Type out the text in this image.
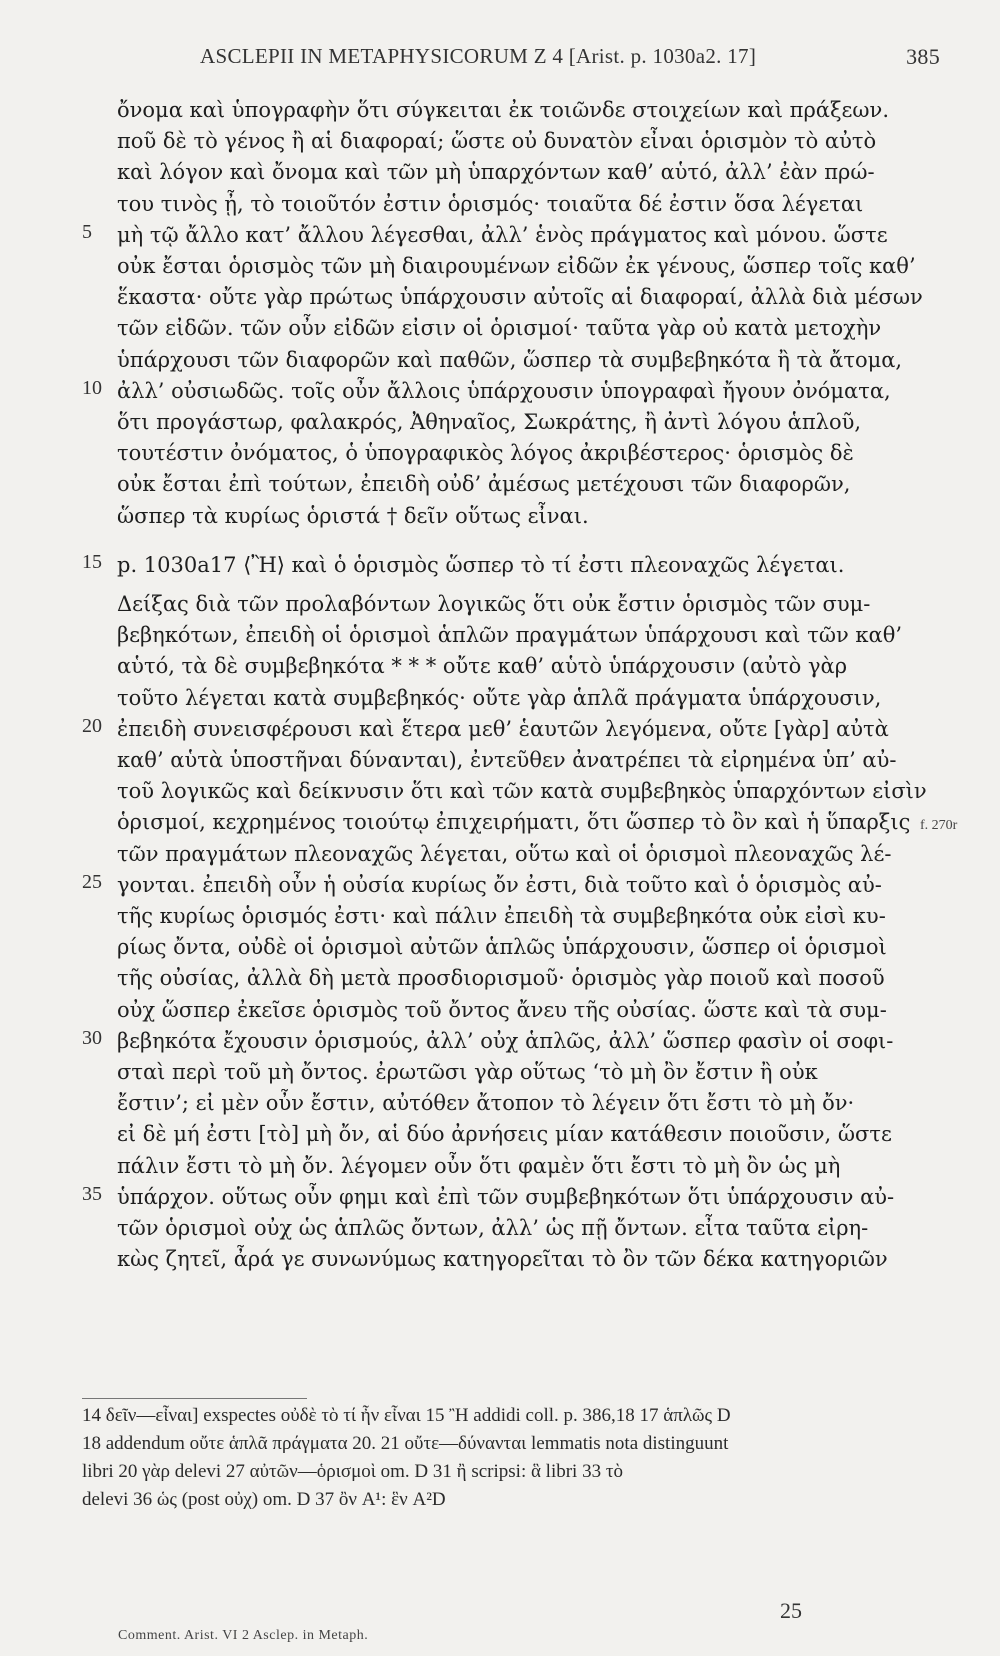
ASCLEPII IN METAPHYSICORUM Z 4 [Arist. p. 1030a2. 17]	385
ὄνομα καὶ ὑπογραφὴν ὅτι σύγκειται ἐκ τοιῶνδε στοιχείων καὶ πράξεων.
ποῦ δὲ τὸ γένος ἢ αἱ διαφοραί; ὥστε οὐ δυνατὸν εἶναι ὁρισμὸν τὸ αὐτὸ
καὶ λόγον καὶ ὄνομα καὶ τῶν μὴ ὑπαρχόντων καθ’ αὑτό, ἀλλ’ ἐὰν πρώ-
του τινὸς ᾖ, τὸ τοιοῦτόν ἐστιν ὁρισμός· τοιαῦτα δέ ἐστιν ὅσα λέγεται
5	μὴ τῷ ἄλλο κατ’ ἄλλου λέγεσθαι, ἀλλ’ ἑνὸς πράγματος καὶ μόνου. ὥστε
οὐκ ἔσται ὁρισμὸς τῶν μὴ διαιρουμένων εἰδῶν ἐκ γένους, ὥσπερ τοῖς καθ’
ἕκαστα· οὔτε γὰρ πρώτως ὑπάρχουσιν αὐτοῖς αἱ διαφοραί, ἀλλὰ διὰ μέσων
τῶν εἰδῶν. τῶν οὖν εἰδῶν εἰσιν οἱ ὁρισμοί· ταῦτα γὰρ οὐ κατὰ μετοχὴν
ὑπάρχουσι τῶν διαφορῶν καὶ παθῶν, ὥσπερ τὰ συμβεβηκότα ἢ τὰ ἄτομα,
10 ἀλλ’ οὐσιωδῶς. τοῖς οὖν ἄλλοις ὑπάρχουσιν ὑπογραφαὶ ἤγουν ὀνόματα,
ὅτι προγάστωρ, φαλακρός, Ἀθηναῖος, Σωκράτης, ἢ ἀντὶ λόγου ἁπλοῦ,
τουτέστιν ὀνόματος, ὁ ὑπογραφικὸς λόγος ἀκριβέστερος· ὁρισμὸς δὲ
οὐκ ἔσται ἐπὶ τούτων, ἐπειδὴ οὐδ’ ἀμέσως μετέχουσι τῶν διαφορῶν,
ὥσπερ τὰ κυρίως ὁριστά † δεῖν οὕτως εἶναι.
15 p. 1030a17 ⟨Ἢ⟩ καὶ ὁ ὁρισμὸς ὥσπερ τὸ τί ἐστι πλεοναχῶς λέγεται.
Δείξας διὰ τῶν προλαβόντων λογικῶς ὅτι οὐκ ἔστιν ὁρισμὸς τῶν συμ-
βεβηκότων, ἐπειδὴ οἱ ὁρισμοὶ ἁπλῶν πραγμάτων ὑπάρχουσι καὶ τῶν καθ’
αὑτό, τὰ δὲ συμβεβηκότα * * * οὔτε καθ’ αὑτὸ ὑπάρχουσιν (αὐτὸ γὰρ
τοῦτο λέγεται κατὰ συμβεβηκός· οὔτε γὰρ ἁπλᾶ πράγματα ὑπάρχουσιν,
20 ἐπειδὴ συνεισφέρουσι καὶ ἕτερα μεθ’ ἑαυτῶν λεγόμενα, οὔτε [γὰρ] αὐτὰ
καθ’ αὑτὰ ὑποστῆναι δύνανται), ἐντεῦθεν ἀνατρέπει τὰ εἰρημένα ὑπ’ αὐ-
τοῦ λογικῶς καὶ δείκνυσιν ὅτι καὶ τῶν κατὰ συμβεβηκὸς ὑπαρχόντων εἰσὶν
ὁρισμοί, κεχρημένος τοιούτῳ ἐπιχειρήματι, ὅτι ὥσπερ τὸ ὂν καὶ ἡ ὕπαρξις
τῶν πραγμάτων πλεοναχῶς λέγεται, οὕτω καὶ οἱ ὁρισμοὶ πλεοναχῶς λέ-
25 γονται. ἐπειδὴ οὖν ἡ οὐσία κυρίως ὄν ἐστι, διὰ τοῦτο καὶ ὁ ὁρισμὸς αὐ-
τῆς κυρίως ὁρισμός ἐστι· καὶ πάλιν ἐπειδὴ τὰ συμβεβηκότα οὐκ εἰσὶ κυ-
ρίως ὄντα, οὐδὲ οἱ ὁρισμοὶ αὐτῶν ἁπλῶς ὑπάρχουσιν, ὥσπερ οἱ ὁρισμοὶ
τῆς οὐσίας, ἀλλὰ δὴ μετὰ προσδιορισμοῦ· ὁρισμὸς γὰρ ποιοῦ καὶ ποσοῦ
οὐχ ὥσπερ ἐκεῖσε ὁρισμὸς τοῦ ὄντος ἄνευ τῆς οὐσίας. ὥστε καὶ τὰ συμ-
30 βεβηκότα ἔχουσιν ὁρισμούς, ἀλλ’ οὐχ ἁπλῶς, ἀλλ’ ὥσπερ φασὶν οἱ σοφι-
σταὶ περὶ τοῦ μὴ ὄντος. ἐρωτῶσι γὰρ οὕτως ‘τὸ μὴ ὂν ἔστιν ἢ οὐκ
ἔστιν’; εἰ μὲν οὖν ἔστιν, αὐτόθεν ἄτοπον τὸ λέγειν ὅτι ἔστι τὸ μὴ ὄν·
εἰ δὲ μή ἐστι [τὸ] μὴ ὄν, αἱ δύο ἀρνήσεις μίαν κατάθεσιν ποιοῦσιν, ὥστε
πάλιν ἔστι τὸ μὴ ὄν. λέγομεν οὖν ὅτι φαμὲν ὅτι ἔστι τὸ μὴ ὂν ὡς μὴ
35 ὑπάρχον. οὕτως οὖν φημι καὶ ἐπὶ τῶν συμβεβηκότων ὅτι ὑπάρχουσιν αὐ-
τῶν ὁρισμοὶ οὐχ ὡς ἁπλῶς ὄντων, ἀλλ’ ὡς πῇ ὄντων. εἶτα ταῦτα εἰρη-
κὼς ζητεῖ, ἆρά γε συνωνύμως κατηγορεῖται τὸ ὂν τῶν δέκα κατηγοριῶν
f. 270r
14 δεῖν—εἶναι] exspectes οὐδὲ τὸ τί ἦν εἶναι 15 Ἢ addidi coll. p. 386,18 17 ἁπλῶς D
18 addendum οὔτε ἁπλᾶ πράγματα 20. 21 οὔτε—δύνανται lemmatis nota distinguunt
libri 20 γὰρ delevi 27 αὐτῶν—ὁρισμοὶ om. D 31 ἢ scripsi: ἃ libri 33 τὸ
delevi 36 ὡς (post οὐχ) om. D 37 ὂν A¹: ἓν A²D
Comment. Arist. VI 2 Asclep. in Metaph.
25
